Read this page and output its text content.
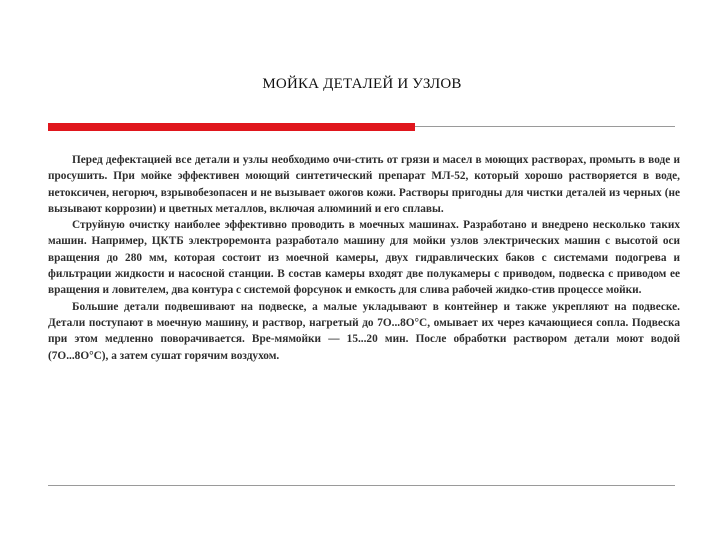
МОЙКА ДЕТАЛЕЙ И УЗЛОВ

Перед дефектацией все детали и узлы необходимо очи-стить от грязи и масел в моющих растворах, промыть в воде и просушить. При мойке эффективен моющий синтетический препарат МЛ-52, который хорошо растворяется в воде, нетоксичен, негорюч, взрывобезопасен и не вызывает ожогов кожи. Растворы пригодны для чистки деталей из черных (не вызывают коррозии) и цветных металлов, включая алюминий и его сплавы.

Струйную очистку наиболее эффективно проводить в моечных машинах. Разработано и внедрено несколько таких машин. Например, ЦКТБ электроремонта разработало машину для мойки узлов электрических машин с высотой оси вращения до 280 мм, которая состоит из моечной камеры, двух гидравлических баков с системами подогрева и фильтрации жидкости и насосной станции. В состав камеры входят две полукамеры с приводом, подвеска с приводом ее вращения и ловителем, два контура с системой форсунок и емкость для слива рабочей жидко-стив процессе мойки.

Большие детали подвешивают на подвеске, а малые укладывают в контейнер и также укрепляют на подвеске. Детали поступают в моечную машину, и раствор, нагретый до 7О...8О°С, омывает их через качающиеся сопла. Подвеска при этом медленно поворачивается. Вре-мямойки — 15...20 мин. После обработки раствором детали моют водой (7О...8О°С), а затем сушат горячим воздухом.
